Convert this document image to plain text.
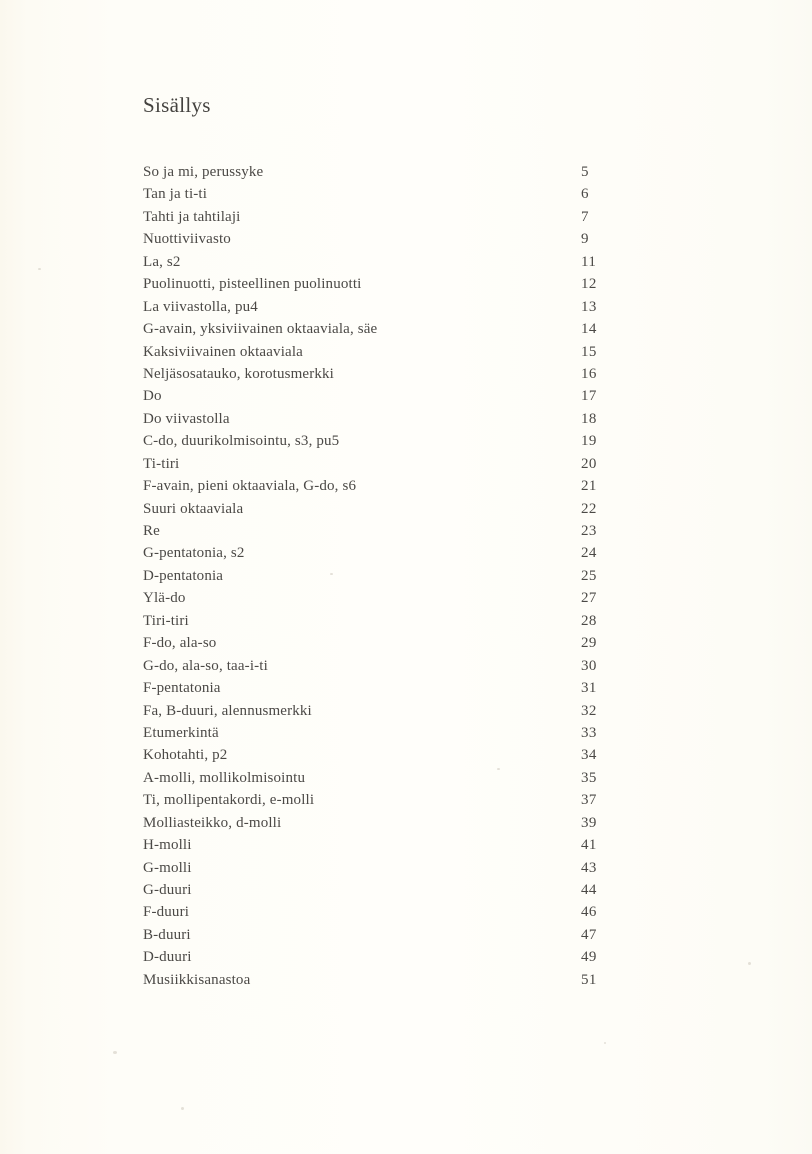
Sisällys
So ja mi, perussyke	5
Tan ja ti-ti	6
Tahti ja tahtilaji	7
Nuottiviivasto	9
La, s2	11
Puolinuotti, pisteellinen puolinuotti	12
La viivastolla, pu4	13
G-avain, yksiviivainen oktaaviala, säe	14
Kaksiviivainen oktaaviala	15
Neljäsosatauko, korotusmerkki	16
Do	17
Do viivastolla	18
C-do, duurikolmisointu, s3, pu5	19
Ti-tiri	20
F-avain, pieni oktaaviala, G-do, s6	21
Suuri oktaaviala	22
Re	23
G-pentatonia, s2	24
D-pentatonia	25
Ylä-do	27
Tiri-tiri	28
F-do, ala-so	29
G-do, ala-so, taa-i-ti	30
F-pentatonia	31
Fa, B-duuri, alennusmerkki	32
Etumerkintä	33
Kohotahti, p2	34
A-molli, mollikolmisointu	35
Ti, mollipentakordi, e-molli	37
Molliasteikko, d-molli	39
H-molli	41
G-molli	43
G-duuri	44
F-duuri	46
B-duuri	47
D-duuri	49
Musiikkisanastoa	51
